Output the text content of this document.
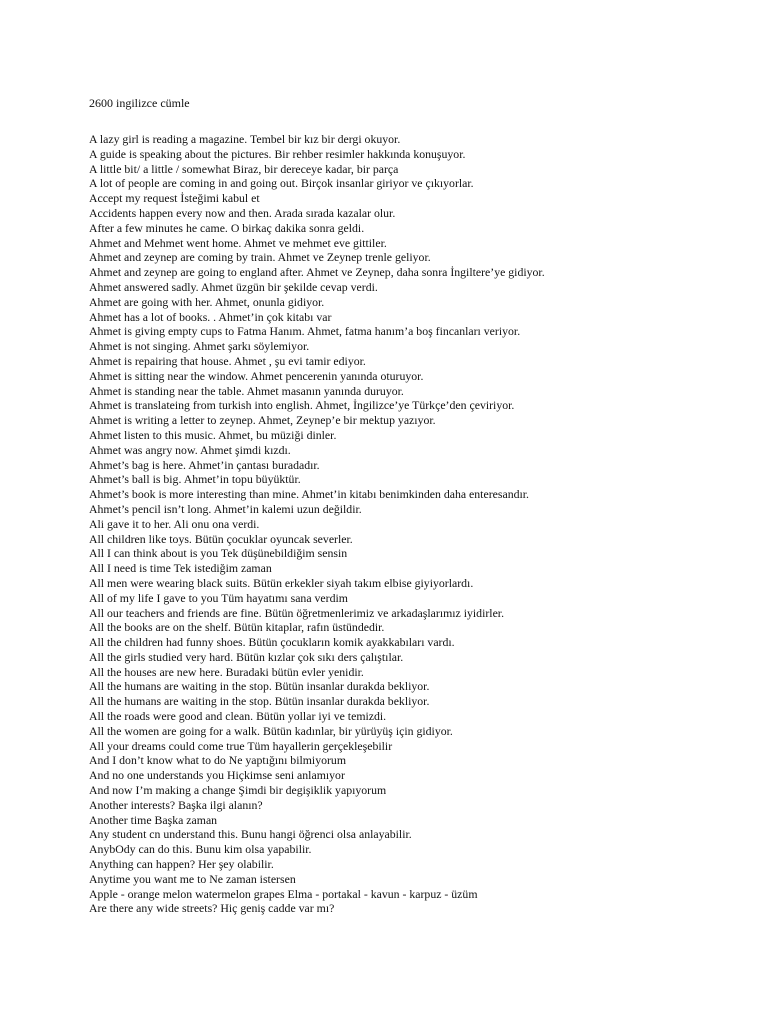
2600 ingilizce cümle
A lazy girl is reading a magazine. Tembel bir kız bir dergi okuyor.
A guide is speaking about the pictures. Bir rehber resimler hakkında konuşuyor.
A little bit/ a little / somewhat Biraz, bir dereceye kadar, bir parça
A lot of people are coming in and going out. Birçok insanlar giriyor ve çıkıyorlar.
Accept my request İsteğimi kabul et
Accidents happen every now and then. Arada sırada kazalar olur.
After a few minutes he came. O birkaç dakika sonra geldi.
Ahmet and Mehmet went home. Ahmet ve mehmet eve gittiler.
Ahmet and zeynep are coming by train. Ahmet ve Zeynep trenle geliyor.
Ahmet and zeynep are going to england after. Ahmet ve Zeynep, daha sonra İngiltere’ye gidiyor.
Ahmet answered sadly. Ahmet üzgün bir şekilde cevap verdi.
Ahmet are going with her. Ahmet, onunla gidiyor.
Ahmet has a lot of books. . Ahmet’in çok kitabı var
Ahmet is giving empty cups to Fatma Hanım. Ahmet, fatma hanım’a boş fincanları veriyor.
Ahmet is not singing. Ahmet şarkı söylemiyor.
Ahmet is repairing that house. Ahmet , şu evi tamir ediyor.
Ahmet is sitting near the window. Ahmet pencerenin yanında oturuyor.
Ahmet is standing near the table. Ahmet masanın yanında duruyor.
Ahmet is translateing from turkish into english. Ahmet, İngilizce’ye Türkçe’den çeviriyor.
Ahmet is writing a letter to zeynep. Ahmet, Zeynep’e bir mektup yazıyor.
Ahmet listen to this music. Ahmet, bu müziği dinler.
Ahmet was angry now. Ahmet şimdi kızdı.
Ahmet’s bag is here. Ahmet’in çantası buradadır.
Ahmet’s ball is big. Ahmet’in topu büyüktür.
Ahmet’s book is more interesting than mine. Ahmet’in kitabı benimkinden daha enteresandır.
Ahmet’s pencil isn’t long. Ahmet’in kalemi uzun değildir.
Ali gave it to her. Ali onu ona verdi.
All children like toys. Bütün çocuklar oyuncak severler.
All I can think about is you Tek düşünebildiğim sensin
All I need is time Tek istediğim zaman
All men were wearing black suits. Bütün erkekler siyah takım elbise giyiyorlardı.
All of my life I gave to you Tüm hayatımı sana verdim
All our teachers and friends are fine. Bütün öğretmenlerimiz ve arkadaşlarımız iyidirler.
All the books are on the shelf. Bütün kitaplar, rafın üstündedir.
All the children had funny shoes. Bütün çocukların komik ayakkabıları vardı.
All the girls studied very hard. Bütün kızlar çok sıkı ders çalıştılar.
All the houses are new here. Buradaki bütün evler yenidir.
All the humans are waiting in the stop. Bütün insanlar durakda bekliyor.
All the humans are waiting in the stop. Bütün insanlar durakda bekliyor.
All the roads were good and clean. Bütün yollar iyi ve temizdi.
All the women are going for a walk. Bütün kadınlar, bir yürüyüş için gidiyor.
All your dreams could come true Tüm hayallerin gerçekleşebilir
And I don’t know what to do Ne yaptığını bilmiyorum
And no one understands you Hiçkimse seni anlamıyor
And now I’m making a change Şimdi bir degişiklik yapıyorum
Another interests? Başka ilgi alanın?
Another time Başka zaman
Any student cn understand this. Bunu hangi öğrenci olsa anlayabilir.
AnybOdy can do this. Bunu kim olsa yapabilir.
Anything can happen? Her şey olabilir.
Anytime you want me to Ne zaman istersen
Apple - orange melon watermelon grapes Elma - portakal - kavun - karpuz - üzüm
Are there any wide streets? Hiç geniş cadde var mı?
